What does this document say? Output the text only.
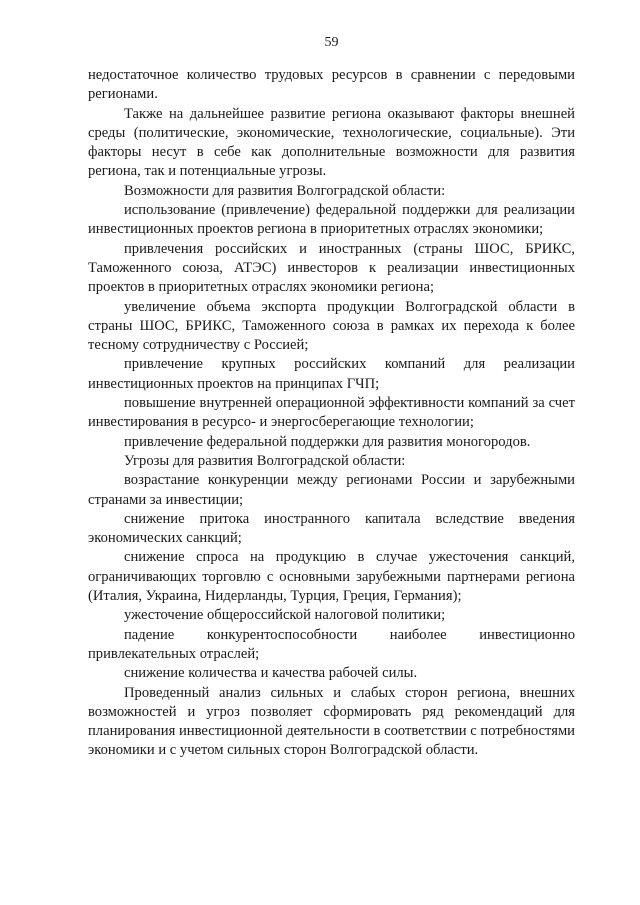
59

недостаточное количество трудовых ресурсов в сравнении с передовыми регионами.

Также на дальнейшее развитие региона оказывают факторы внешней среды (политические, экономические, технологические, социальные). Эти факторы несут в себе как дополнительные возможности для развития региона, так и потенциальные угрозы.

Возможности для развития Волгоградской области:

использование (привлечение) федеральной поддержки для реализации инвестиционных проектов региона в приоритетных отраслях экономики;

привлечения российских и иностранных (страны ШОС, БРИКС, Таможенного союза, АТЭС) инвесторов к реализации инвестиционных проектов в приоритетных отраслях экономики региона;

увеличение объема экспорта продукции Волгоградской области в страны ШОС, БРИКС, Таможенного союза в рамках их перехода к более тесному сотрудничеству с Россией;

привлечение крупных российских компаний для реализации инвестиционных проектов на принципах ГЧП;

повышение внутренней операционной эффективности компаний за счет инвестирования в ресурсо- и энергосберегающие технологии;

привлечение федеральной поддержки для развития моногородов.

Угрозы для развития Волгоградской области:

возрастание конкуренции между регионами России и зарубежными странами за инвестиции;

снижение притока иностранного капитала вследствие введения экономических санкций;

снижение спроса на продукцию в случае ужесточения санкций, ограничивающих торговлю с основными зарубежными партнерами региона (Италия, Украина, Нидерланды, Турция, Греция, Германия);

ужесточение общероссийской налоговой политики;

падение конкурентоспособности наиболее инвестиционно привлекательных отраслей;

снижение количества и качества рабочей силы.

Проведенный анализ сильных и слабых сторон региона, внешних возможностей и угроз позволяет сформировать ряд рекомендаций для планирования инвестиционной деятельности в соответствии с потребностями экономики и с учетом сильных сторон Волгоградской области.
